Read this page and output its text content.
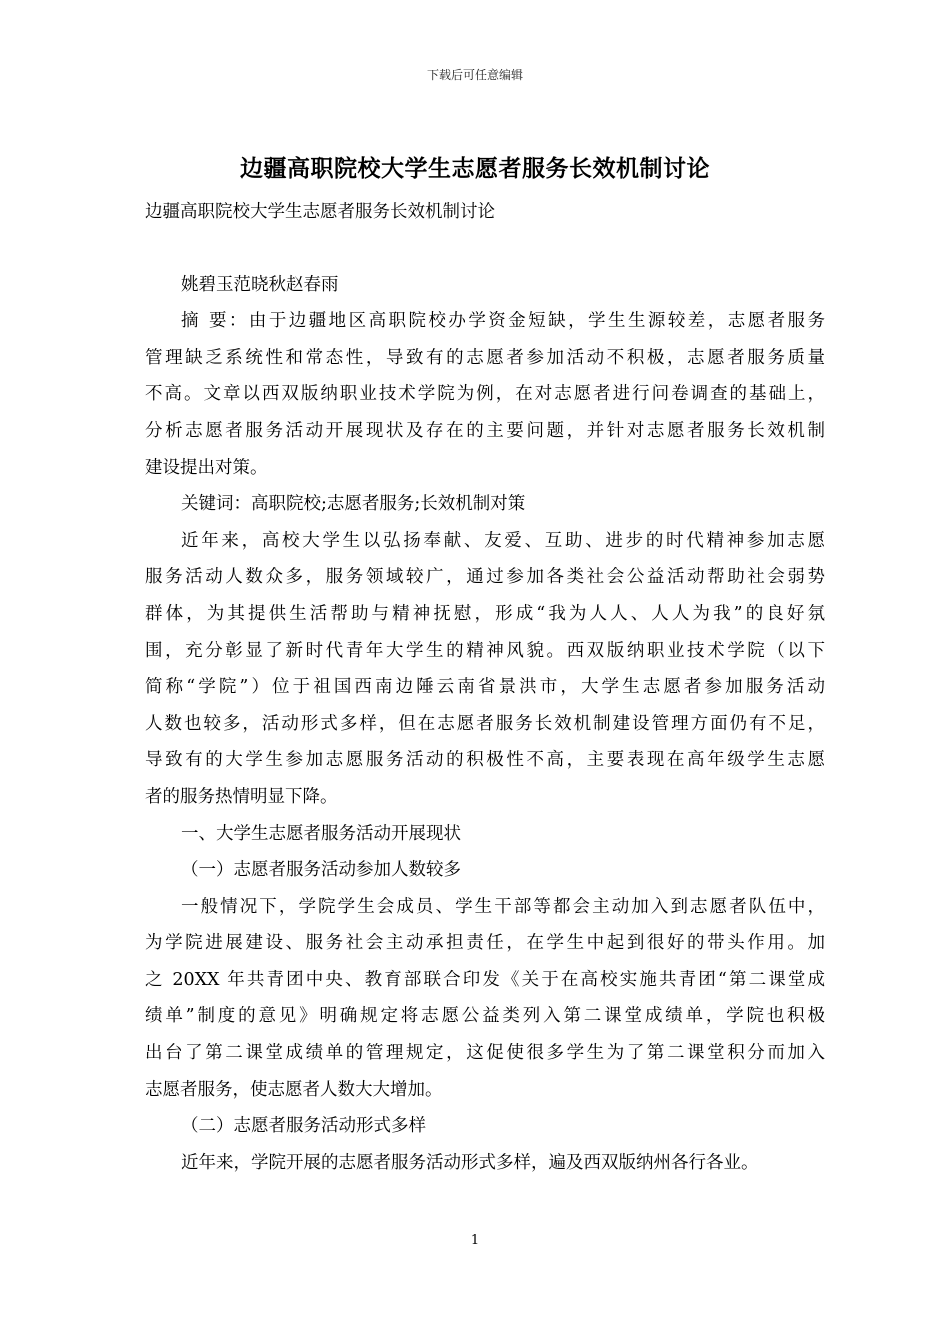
下载后可任意编辑
边疆高职院校大学生志愿者服务长效机制讨论
边疆高职院校大学生志愿者服务长效机制讨论
姚碧玉范晓秋赵春雨
摘 要：由于边疆地区高职院校办学资金短缺，学生生源较差，志愿者服务
管理缺乏系统性和常态性，导致有的志愿者参加活动不积极，志愿者服务质量
不高。文章以西双版纳职业技术学院为例，在对志愿者进行问卷调查的基础上，
分析志愿者服务活动开展现状及存在的主要问题，并针对志愿者服务长效机制
建设提出对策。
关键词：高职院校;志愿者服务;长效机制对策
近年来，高校大学生以弘扬奉献、友爱、互助、进步的时代精神参加志愿
服务活动人数众多，服务领域较广，通过参加各类社会公益活动帮助社会弱势
群体，为其提供生活帮助与精神抚慰，形成“我为人人、人人为我”的良好氛
围，充分彰显了新时代青年大学生的精神风貌。西双版纳职业技术学院（以下
简称“学院”）位于祖国西南边陲云南省景洪市，大学生志愿者参加服务活动
人数也较多，活动形式多样，但在志愿者服务长效机制建设管理方面仍有不足，
导致有的大学生参加志愿服务活动的积极性不高，主要表现在高年级学生志愿
者的服务热情明显下降。
一、大学生志愿者服务活动开展现状
（一）志愿者服务活动参加人数较多
一般情况下，学院学生会成员、学生干部等都会主动加入到志愿者队伍中，
为学院进展建设、服务社会主动承担责任，在学生中起到很好的带头作用。加
之 20XX 年共青团中央、教育部联合印发《关于在高校实施共青团“第二课堂成
绩单”制度的意见》明确规定将志愿公益类列入第二课堂成绩单，学院也积极
出台了第二课堂成绩单的管理规定，这促使很多学生为了第二课堂积分而加入
志愿者服务，使志愿者人数大大增加。
（二）志愿者服务活动形式多样
近年来，学院开展的志愿者服务活动形式多样，遍及西双版纳州各行各业。
1
